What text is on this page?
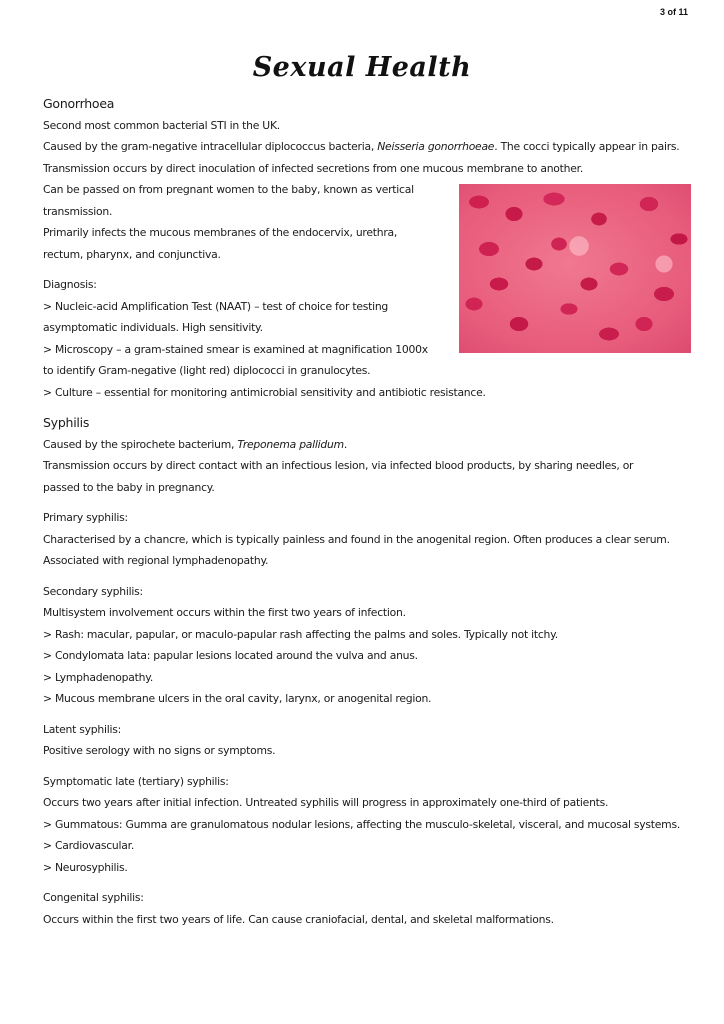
3 of 11
Sexual Health

Gonorrhoea

Second most common bacterial STI in the UK.

Caused by the gram-negative intracellular diplococcus bacteria, Neisseria gonorrhoeae. The cocci typically appear in pairs.

Transmission occurs by direct inoculation of infected secretions from one mucous membrane to another.

Can be passed on from pregnant women to the baby, known as vertical

transmission.

Primarily infects the mucous membranes of the endocervix, urethra,

rectum, pharynx, and conjunctiva.

Diagnosis:

> Nucleic-acid Amplification Test (NAAT) – test of choice for testing

asymptomatic individuals. High sensitivity.

> Microscopy – a gram-stained smear is examined at magnification 1000x

to identify Gram-negative (light red) diplococci in granulocytes.

> Culture – essential for monitoring antimicrobial sensitivity and antibiotic resistance.

Syphilis

Caused by the spirochete bacterium, Treponema pallidum.

Transmission occurs by direct contact with an infectious lesion, via infected blood products, by sharing needles, or

passed to the baby in pregnancy.

Primary syphilis:

Characterised by a chancre, which is typically painless and found in the anogenital region. Often produces a clear serum.

Associated with regional lymphadenopathy.

Secondary syphilis:

Multisystem involvement occurs within the first two years of infection.

> Rash: macular, papular, or maculo-papular rash affecting the palms and soles. Typically not itchy.

> Condylomata lata: papular lesions located around the vulva and anus.

> Lymphadenopathy.

> Mucous membrane ulcers in the oral cavity, larynx, or anogenital region.

Latent syphilis:

Positive serology with no signs or symptoms.

Symptomatic late (tertiary) syphilis:

Occurs two years after initial infection. Untreated syphilis will progress in approximately one-third of patients.

> Gummatous: Gumma are granulomatous nodular lesions, affecting the musculo-skeletal, visceral, and mucosal systems.

> Cardiovascular.

> Neurosyphilis.

Congenital syphilis:

Occurs within the first two years of life. Can cause craniofacial, dental, and skeletal malformations.
